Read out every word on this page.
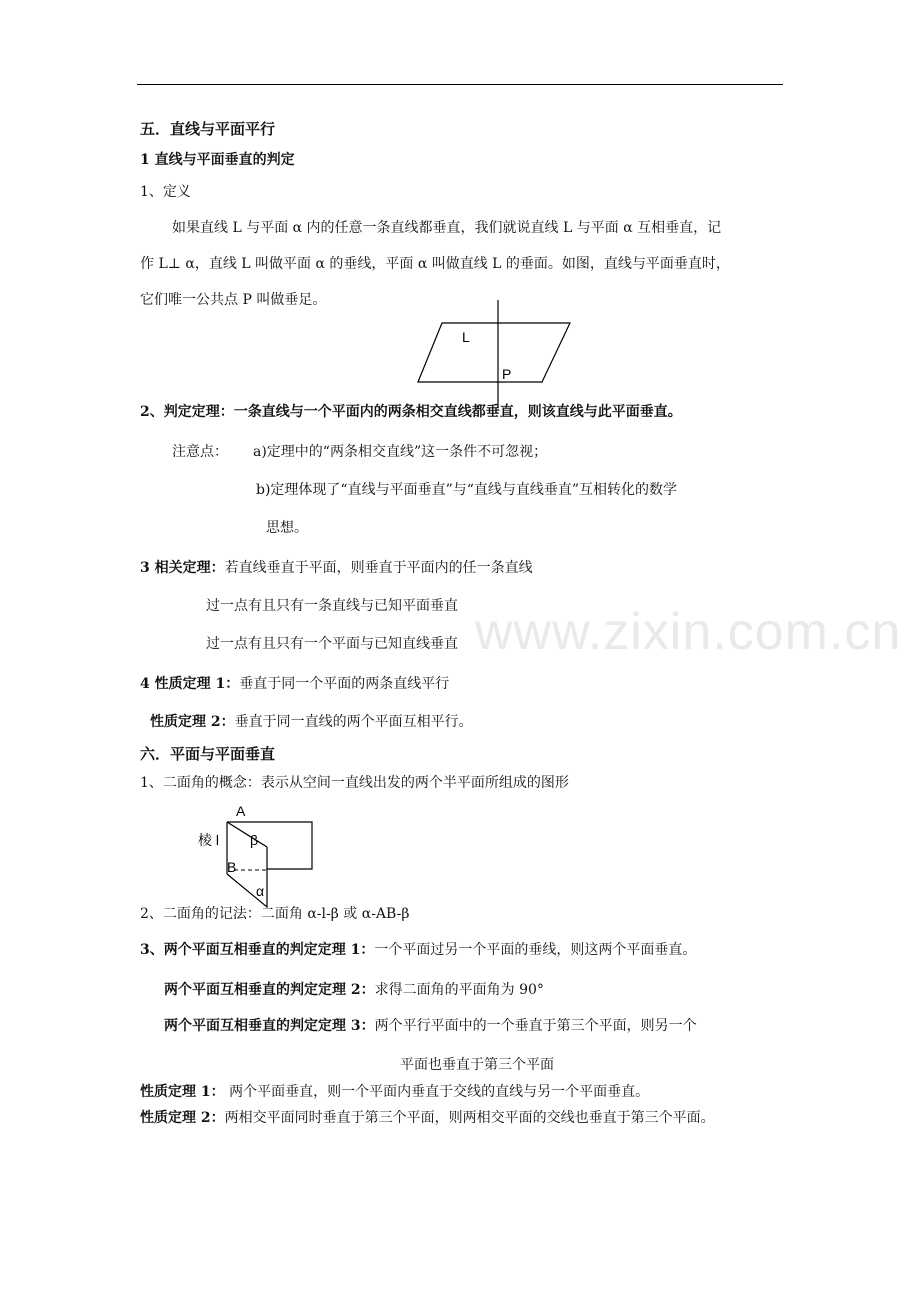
www.zixin.com.cn
五．直线与平面平行
1 直线与平面垂直的判定
1、定义
如果直线 L 与平面 α 内的任意一条直线都垂直，我们就说直线 L 与平面 α 互相垂直，记
作 L⊥ α，直线 L 叫做平面 α 的垂线，平面 α 叫做直线 L 的垂面。如图，直线与平面垂直时，
它们唯一公共点 P 叫做垂足。
L
P
2、判定定理：一条直线与一个平面内的两条相交直线都垂直，则该直线与此平面垂直。
注意点： a)定理中的“两条相交直线”这一条件不可忽视；
b)定理体现了“直线与平面垂直”与“直线与直线垂直”互相转化的数学
思想。
3 相关定理：若直线垂直于平面，则垂直于平面内的任一条直线
过一点有且只有一条直线与已知平面垂直
过一点有且只有一个平面与已知直线垂直
4 性质定理 1：垂直于同一个平面的两条直线平行
性质定理 2：垂直于同一直线的两个平面互相平行。
六．平面与平面垂直
1、二面角的概念：表示从空间一直线出发的两个半平面所组成的图形
A
棱 l β
B
α
2、二面角的记法：二面角 α-l-β 或 α-AB-β
3、两个平面互相垂直的判定定理 1：一个平面过另一个平面的垂线，则这两个平面垂直。
两个平面互相垂直的判定定理 2：求得二面角的平面角为 90°
两个平面互相垂直的判定定理 3：两个平行平面中的一个垂直于第三个平面，则另一个
平面也垂直于第三个平面
性质定理 1： 两个平面垂直，则一个平面内垂直于交线的直线与另一个平面垂直。
性质定理 2：两相交平面同时垂直于第三个平面，则两相交平面的交线也垂直于第三个平面。
